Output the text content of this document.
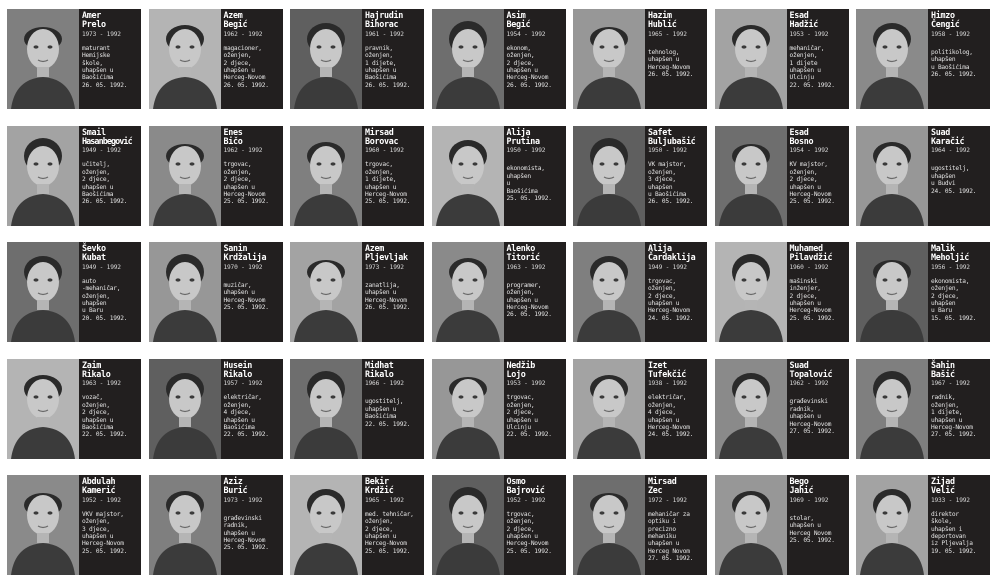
Amer
Prelo
1973 - 1992
maturant
Hemijske
škole,
uhapšen u
Baošićima
26. 05. 1992.
Azem
Begić
1962 - 1992
magacioner,
oženjen,
2 djece,
uhapšen u
Herceg-Novom
26. 05. 1992.
Hajrudin
Bihorac
1961 - 1992
pravnik,
oženjen,
1 dijete,
uhapšen u
Baošićima
26. 05. 1992.
Asim
Begić
1954 - 1992
ekonom,
oženjen,
2 djece,
uhapšen u
Herceg-Novom
26. 05. 1992.
Hazim
Hublić
1965 - 1992
tehnolog,
uhapšen u
Herceg-Novom
26. 05. 1992.
Esad
Hadžić
1953 - 1992
mehaničar,
oženjen,
1 dijete
uhapšen u
Ulcinju
22. 05. 1992.
Himzo
Čengić
1958 - 1992
politikolog,
uhapšen
u Baošićima
26. 05. 1992.
Smail
Hasanbegović
1949 - 1992
učitelj,
oženjen,
2 djece,
uhapšen u
Baošićima
26. 05. 1992.
Enes
Bičo
1962 - 1992
trgovac,
oženjen,
2 djece,
uhapšen u
Herceg-Novom
25. 05. 1992.
Mirsad
Borovac
1960 - 1992
trgovac,
oženjen,
1 dijete,
uhapšen u
Herceg-Novom
25. 05. 1992.
Alija
Prutina
1950 - 1992
ekonomista,
uhapšen
u
Baošićima
25. 05. 1992.
Safet
Buljubašić
1950 - 1992
VK majstor,
oženjen,
3 djece,
uhapšen
u Baošićima
26. 05. 1992.
Esad
Bosno
1954 - 1992
KV majstor,
oženjen,
2 djece,
uhapšen u
Herceg-Novom
25. 05. 1992.
Suad
Karačić
1964 - 1992
ugostitelj,
uhapšen
u Budvi
24. 05. 1992.
Ševko
Kubat
1949 - 1992
auto
-mehaničar,
oženjen,
uhapšen
u Baru
20. 05. 1992.
Sanin
Krdžalija
1970 - 1992
muzičar,
uhapšen u
Herceg-Novom
25. 05. 1992.
Azem
Pljevljak
1973 - 1992
zanatlija,
uhapšen u
Herceg-Novom
26. 05. 1992.
Alenko
Titorić
1963 - 1992
programer,
oženjen,
uhapšen u
Herceg-Novom
26. 05. 1992.
Alija
Čardaklija
1949 - 1992
trgovac,
oženjen,
2 djece,
uhapšen u
Herceg-Novom
24. 05. 1992.
Muhamed
Pilavdžić
1960 - 1992
mašinski
inženjer,
2 djece,
uhapšen u
Herceg-Novom
25. 05. 1992.
Malik
Meholjić
1956 - 1992
ekonomista,
oženjen,
2 djece,
uhapšen
u Baru
15. 05. 1992.
Zaim
Rikalo
1963 - 1992
vozač,
oženjen,
2 djece,
uhapšen u
Baošićima
22. 05. 1992.
Husein
Rikalo
1957 - 1992
električar,
oženjen,
4 djece,
uhapšen u
Baošićima
22. 05. 1992.
Midhat
Rikalo
1966 - 1992
ugostitelj,
uhapšen u
Baošićima
22. 05. 1992.
Nedžib
Lojo
1953 - 1992
trgovac,
oženjen,
2 djece,
uhapšen u
Ulcinju
22. 05. 1992.
Izet
Tufekčić
1938 - 1992
električar,
oženjen,
4 djece,
uhapšen u
Herceg-Novom
24. 05. 1992.
Suad
Topalović
1962 - 1992
građevinski
radnik,
uhapšen u
Herceg-Novom
27. 05. 1992.
Šahin
Bašić
1967 - 1992
radnik,
oženjen,
1 dijete,
uhapšen u
Herceg-Novom
27. 05. 1992.
Abdulah
Kamerić
1952 - 1992
VKV majstor,
oženjen,
3 djece,
uhapšen u
Herceg-Novom
25. 05. 1992.
Aziz
Burić
1973 - 1992
građevinski
radnik,
uhapšen u
Herceg-Novom
25. 05. 1992.
Bekir
Krdžić
1965 - 1992
med. tehničar,
oženjen,
2 djece,
uhapšen u
Herceg-Novom
25. 05. 1992.
Osmo
Bajrović
1952 - 1992
trgovac,
oženjen,
2 djece,
uhapšen u
Herceg-Novom
25. 05. 1992.
Mirsad
Zec
1972 - 1992
mehaničar za
optiku i
precizno mehaniku
uhapšen u
Herceg Novom
27. 05. 1992.
Bego
Jahić
1969 - 1992
stolar,
uhapšen u
Herceg Novom
25. 05. 1992.
Zijad
Velić
1933 - 1992
direktor
škole,
uhapšen i
deportovan
iz Pljevalja
19. 05. 1992.
